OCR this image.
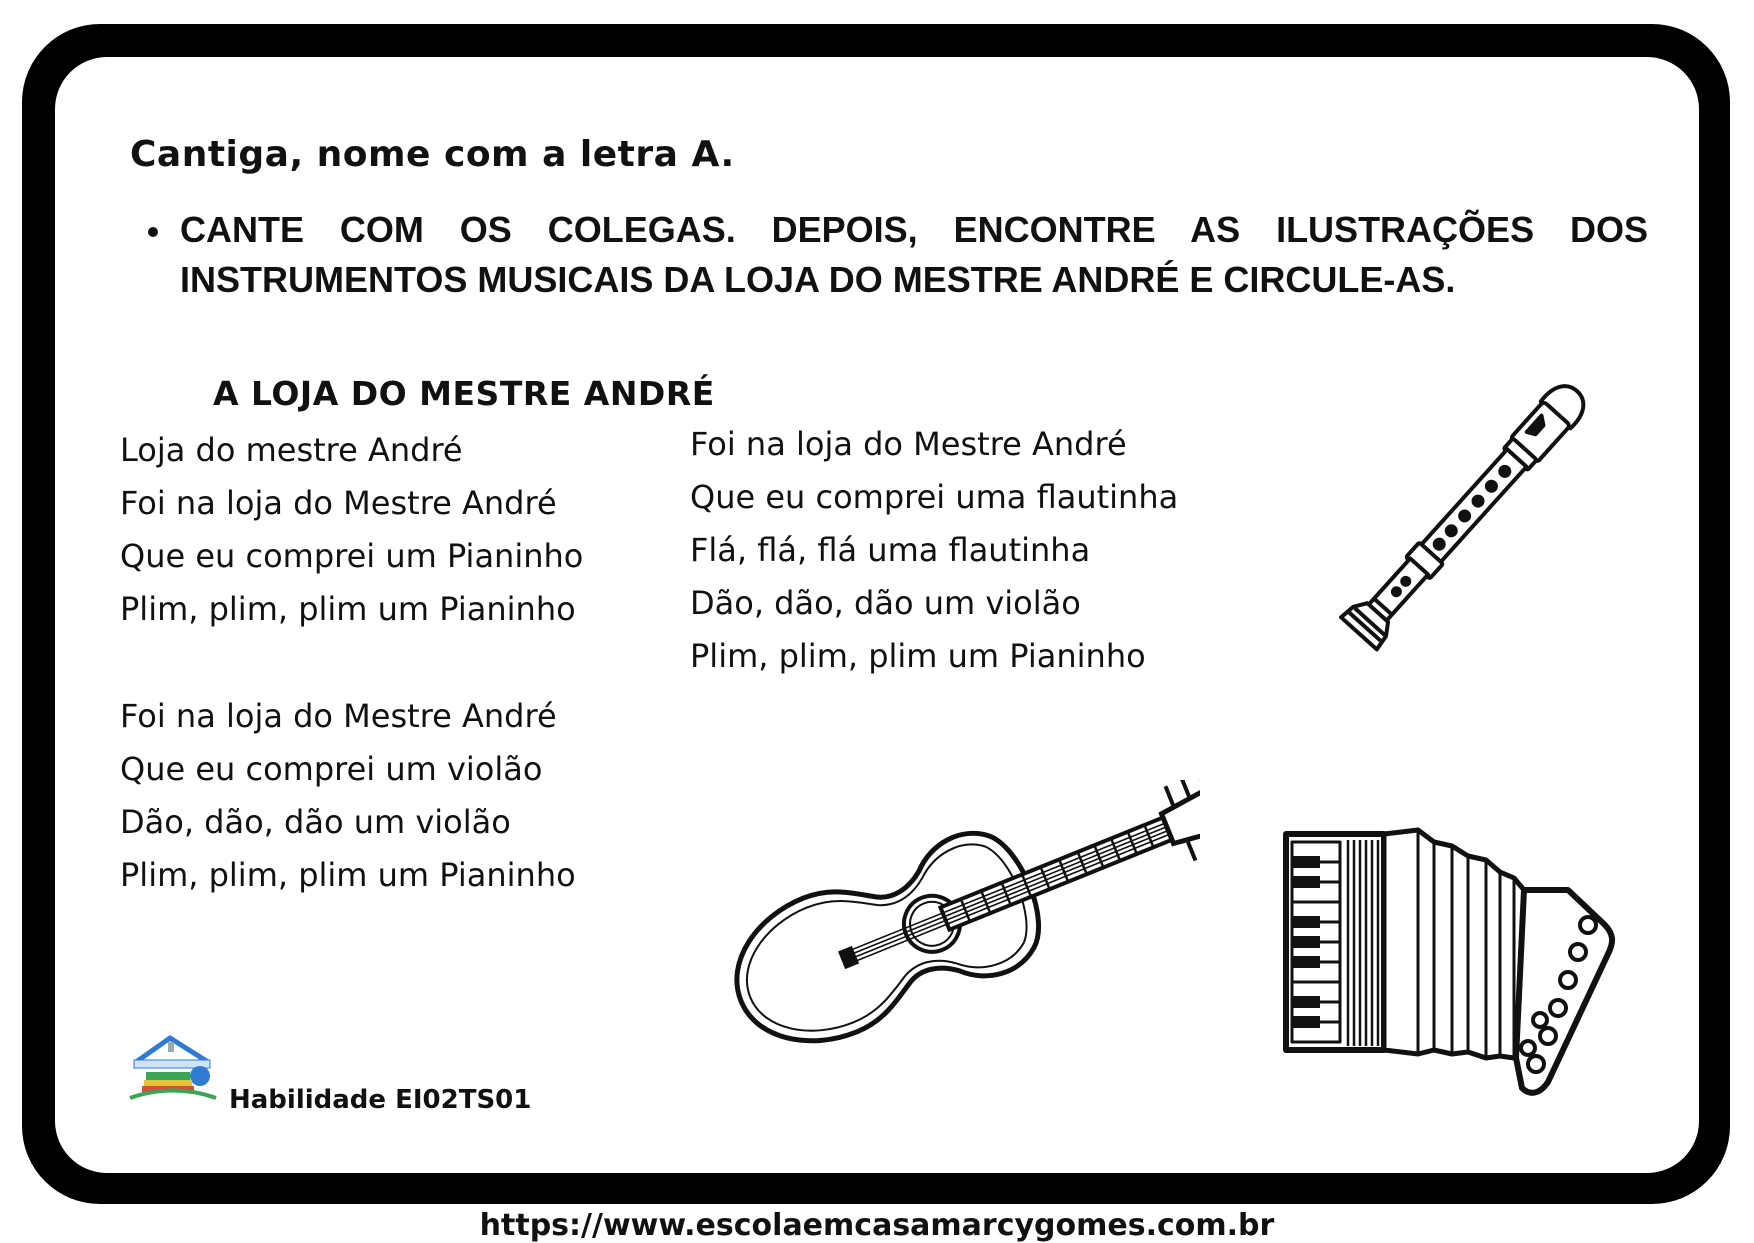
Cantiga, nome com a letra A.
CANTE COM OS COLEGAS. DEPOIS, ENCONTRE AS ILUSTRAÇÕES DOS INSTRUMENTOS MUSICAIS DA LOJA DO MESTRE ANDRÉ E CIRCULE-AS.
A LOJA DO MESTRE ANDRÉ
Loja do mestre André
Foi na loja do Mestre André
Que eu comprei um Pianinho
Plim, plim, plim um Pianinho
Foi na loja do Mestre André
Que eu comprei um violão
Dão, dão, dão um violão
Plim, plim, plim um Pianinho
Foi na loja do Mestre André
Que eu comprei uma flautinha
Flá, flá, flá uma flautinha
Dão, dão, dão um violão
Plim, plim, plim um Pianinho

Habilidade EI02TS01

https://www.escolaemcasamarcygomes.com.br
